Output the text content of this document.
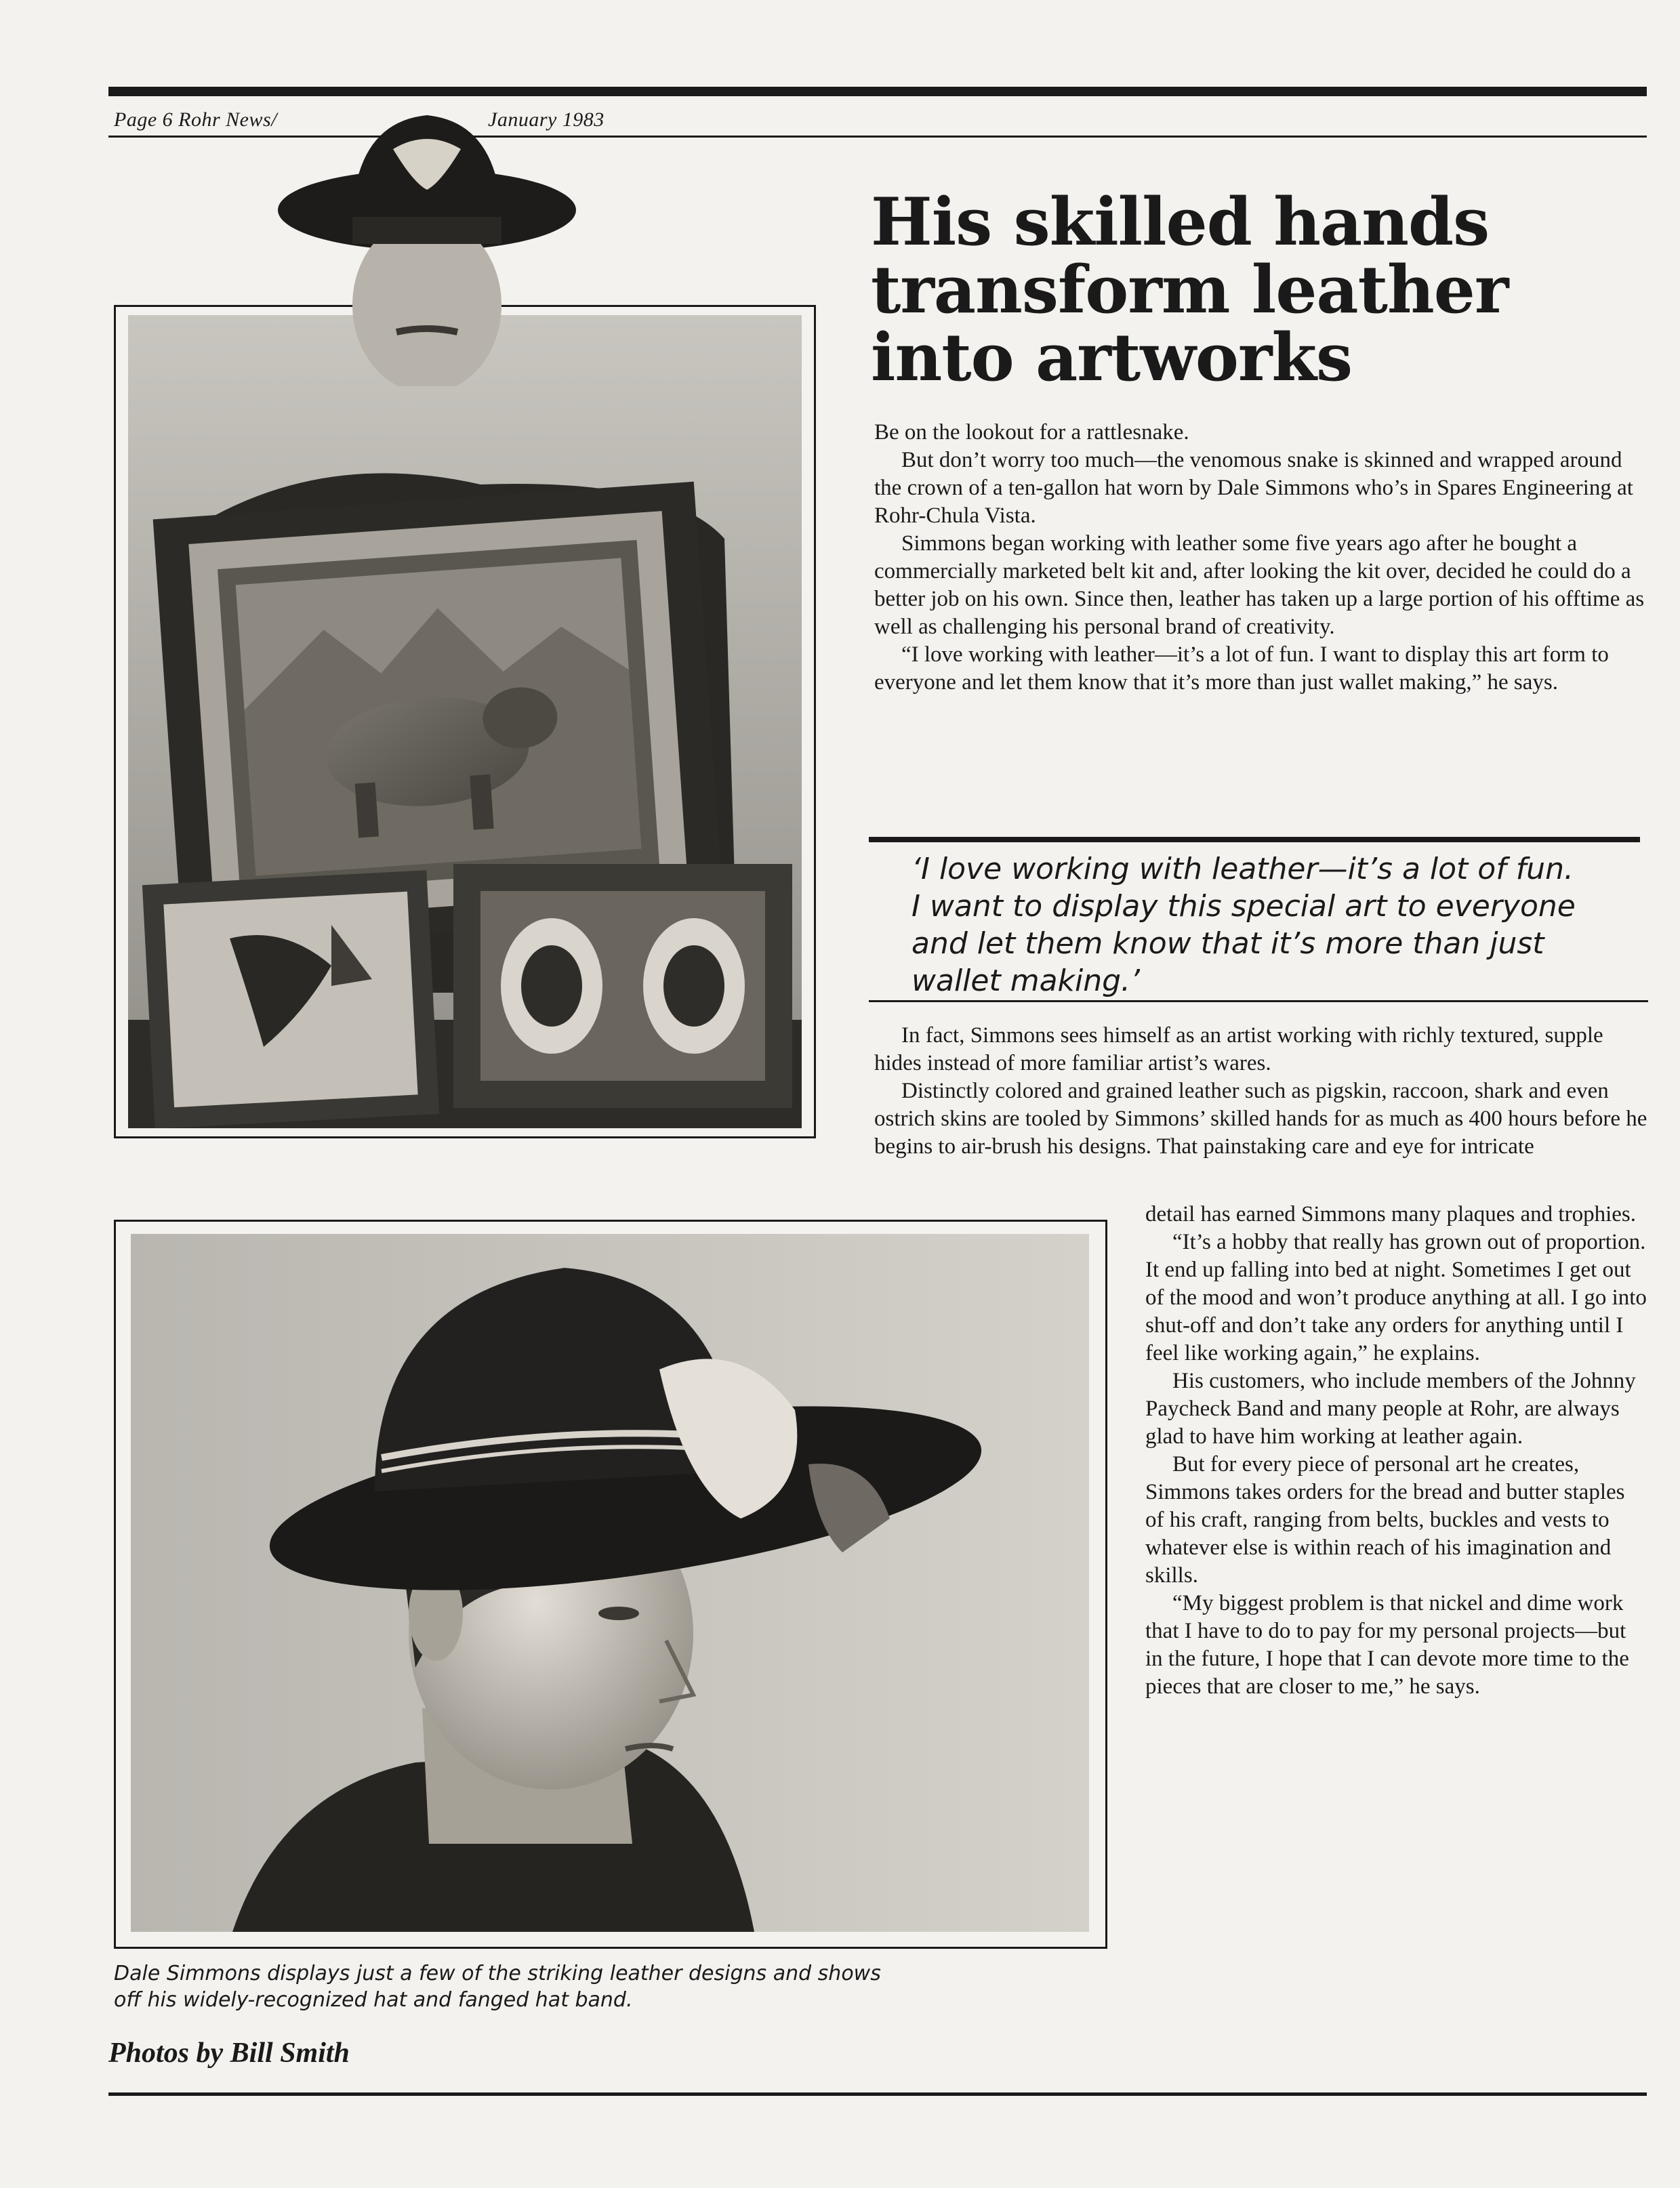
Page 6 Rohr News/	January 1983
His skilled hands
transform leather
into artworks

Be on the lookout for a rattlesnake.

But don’t worry too much—the venomous snake is skinned and wrapped around the crown of a ten-gallon hat worn by Dale Simmons who’s in Spares Engineering at Rohr-Chula Vista.

Simmons began working with leather some five years ago after he bought a commercially marketed belt kit and, after looking the kit over, decided he could do a better job on his own. Since then, leather has taken up a large portion of his offtime as well as challenging his personal brand of creativity.

“I love working with leather—it’s a lot of fun. I want to display this art form to everyone and let them know that it’s more than just wallet making,” he says.

‘I love working with leather—it’s a lot of fun.
I want to display this special art to everyone
and let them know that it’s more than just
wallet making.’

In fact, Simmons sees himself as an artist working with richly textured, supple hides instead of more familiar artist’s wares.

Distinctly colored and grained leather such as pigskin, raccoon, shark and even ostrich skins are tooled by Simmons’ skilled hands for as much as 400 hours before he begins to air-brush his designs. That painstaking care and eye for intricate

detail has earned Simmons many plaques and trophies.

“It’s a hobby that really has grown out of proportion. It end up falling into bed at night. Sometimes I get out of the mood and won’t produce anything at all. I go into shut-off and don’t take any orders for anything until I feel like working again,” he explains.

His customers, who include members of the Johnny Paycheck Band and many people at Rohr, are always glad to have him working at leather again.

But for every piece of personal art he creates, Simmons takes orders for the bread and butter staples of his craft, ranging from belts, buckles and vests to whatever else is within reach of his imagination and skills.

“My biggest problem is that nickel and dime work that I have to do to pay for my personal projects—but in the future, I hope that I can devote more time to the pieces that are closer to me,” he says.

Dale Simmons displays just a few of the striking leather designs and shows
off his widely-recognized hat and fanged hat band.
Photos by Bill Smith
